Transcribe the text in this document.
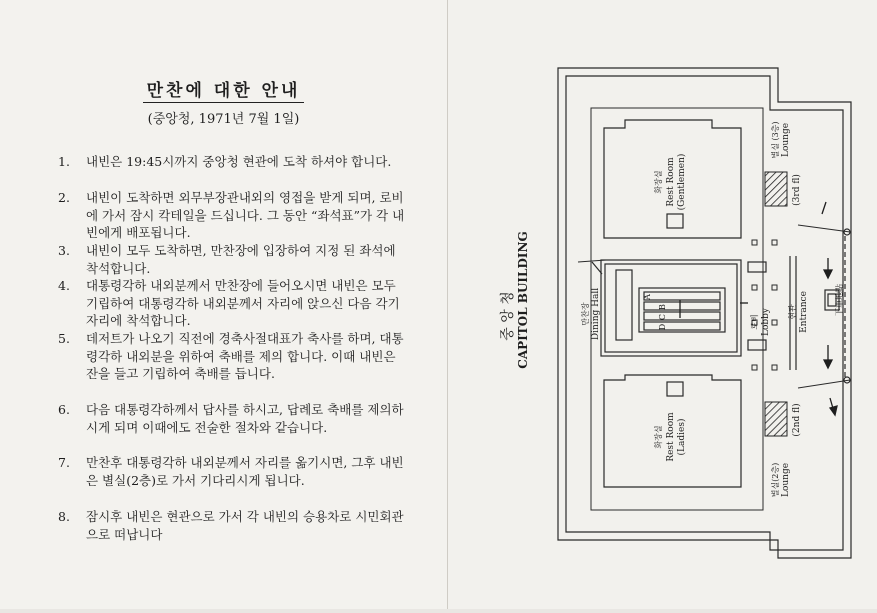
만찬에 대한 안내
(중앙청, 1971년 7월 1일)
1. 내빈은 19:45시까지 중앙청 현관에 도착 하셔야 합니다.
2. 내빈이 도착하면 외무부장관내외의 영접을 받게 되며, 로비에 가서 잠시 칵테일을 드십니다. 그 동안 “좌석표”가 각 내빈에게 배포됩니다.
3. 내빈이 모두 도착하면, 만찬장에 입장하여 지정 된 좌석에 착석합니다.
4. 대통령각하 내외분께서 만찬장에 들어오시면 내빈은 모두 기립하여 대통령각하 내외분께서 자리에 앉으신 다음 각기 자리에 착석합니다.
5. 데저트가 나오기 직전에 경축사절대표가 축사를 하며, 대통령각하 내외분을 위하여 축배를 제의 합니다. 이때 내빈은 잔을 들고 기립하여 축배를 듭니다.
6. 다음 대통령각하께서 답사를 하시고, 답례로 축배를 제의하시게 되며 이때에도 전술한 절차와 같습니다.
7. 만찬후 대통령각하 내외분께서 자리를 옮기시면, 그후 내빈은 별실(2층)로 가서 기다리시게 됩니다.
8. 잠시후 내빈은 현관으로 가서 각 내빈의 승용차로 시민회관으로 떠납니다
중 앙 청 CAPITOL BUILDING	만찬장 Dining Hall	A
B
C
D
화장실 Rest Room (Gentlemen)
화장실 Rest Room (Ladies)
로비 Lobby 현관 Entrance
별실 (3층) Lounge
(3rd fl)
별실(2층) Lounge
(2nd fl)
下車地點
